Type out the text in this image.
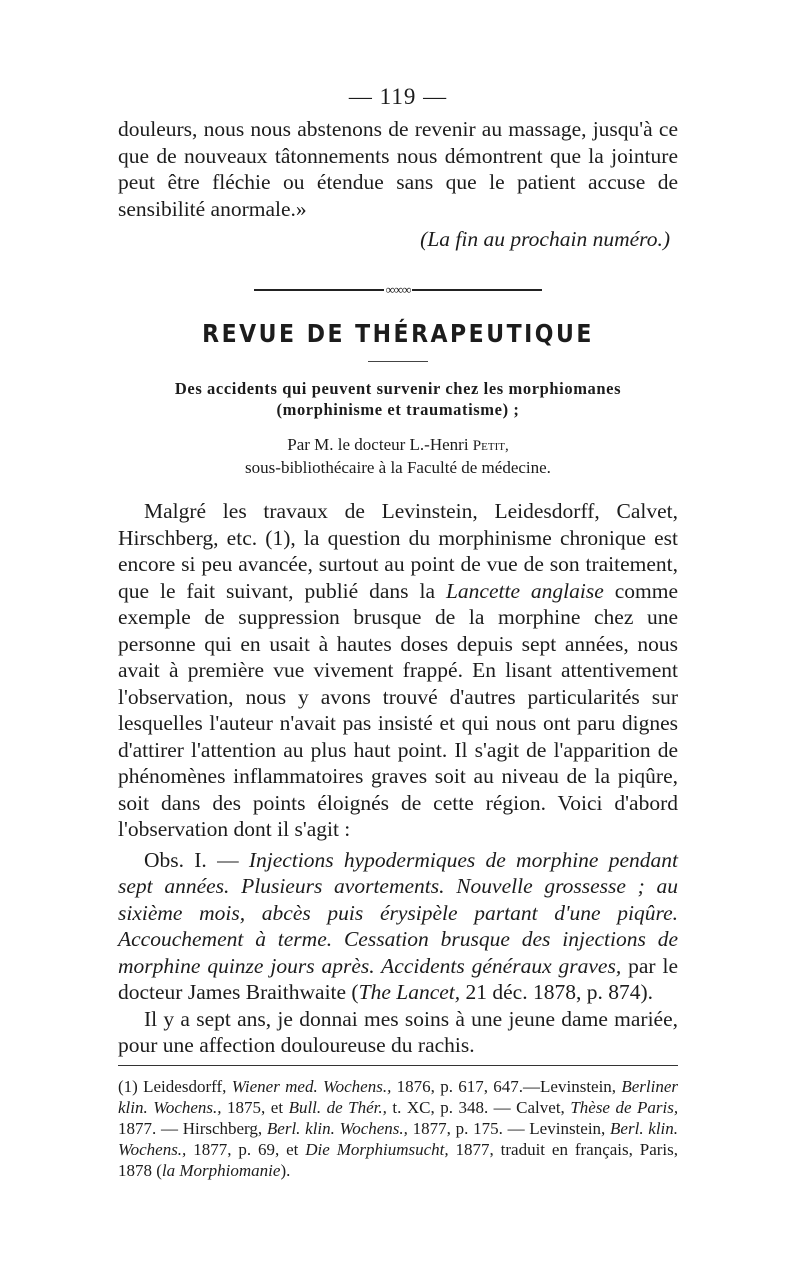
— 119 —

douleurs, nous nous abstenons de revenir au massage, jusqu'à ce que de nouveaux tâtonnements nous démontrent que la jointure peut être fléchie ou étendue sans que le patient accuse de sensibilité anormale.»

(La fin au prochain numéro.)
∞∞∞
REVUE DE THÉRAPEUTIQUE
Des accidents qui peuvent survenir chez les morphiomanes
(morphinisme et traumatisme) ;
Par M. le docteur L.-Henri Petit,
sous-bibliothécaire à la Faculté de médecine.

Malgré les travaux de Levinstein, Leidesdorff, Calvet, Hirschberg, etc. (1), la question du morphinisme chronique est encore si peu avancée, surtout au point de vue de son traitement, que le fait suivant, publié dans la Lancette anglaise comme exemple de suppression brusque de la morphine chez une personne qui en usait à hautes doses depuis sept années, nous avait à première vue vivement frappé. En lisant attentivement l'observation, nous y avons trouvé d'autres particularités sur lesquelles l'auteur n'avait pas insisté et qui nous ont paru dignes d'attirer l'attention au plus haut point. Il s'agit de l'apparition de phénomènes inflammatoires graves soit au niveau de la piqûre, soit dans des points éloignés de cette région. Voici d'abord l'observation dont il s'agit :

Obs. I. — Injections hypodermiques de morphine pendant sept années. Plusieurs avortements. Nouvelle grossesse ; au sixième mois, abcès puis érysipèle partant d'une piqûre. Accouchement à terme. Cessation brusque des injections de morphine quinze jours après. Accidents généraux graves, par le docteur James Braithwaite (The Lancet, 21 déc. 1878, p. 874).

Il y a sept ans, je donnai mes soins à une jeune dame mariée, pour une affection douloureuse du rachis.

(1) Leidesdorff, Wiener med. Wochens., 1876, p. 617, 647.—Levinstein, Berliner klin. Wochens., 1875, et Bull. de Thér., t. XC, p. 348. — Calvet, Thèse de Paris, 1877. — Hirschberg, Berl. klin. Wochens., 1877, p. 175. — Levinstein, Berl. klin. Wochens., 1877, p. 69, et Die Morphiumsucht, 1877, traduit en français, Paris, 1878 (la Morphiomanie).
